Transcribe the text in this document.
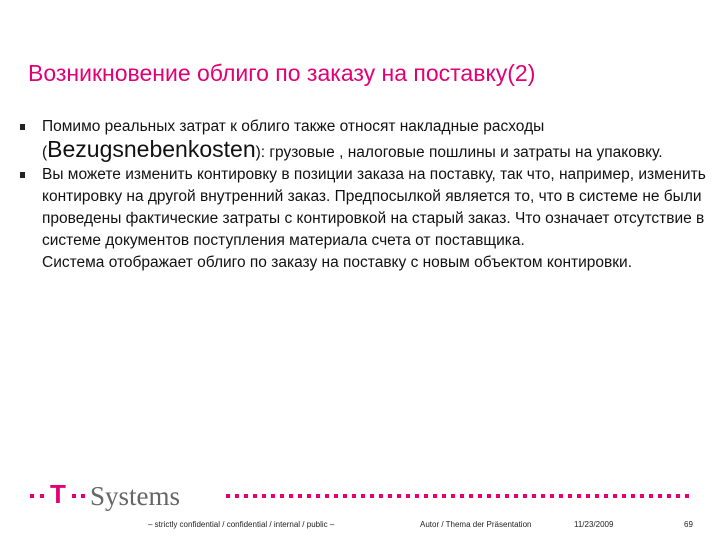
Возникновение облиго по заказу на поставку(2)
Помимо реальных затрат к облиго также относят накладные расходы (Bezugsnebenkosten): грузовые , налоговые пошлины и затраты на упаковку.
Вы можете изменить контировку в позиции заказа на поставку, так что, например, изменить контировку на другой внутренний заказ. Предпосылкой является то, что в системе не были проведены фактические затраты с контировкой на старый заказ. Что означает отсутствие в системе документов поступления материала счета от поставщика.
Система отображает облиго по заказу на поставку с новым объектом контировки.
T Systems
– strictly confidential / confidential / internal / public –	Autor / Thema der Präsentation	11/23/2009	69
